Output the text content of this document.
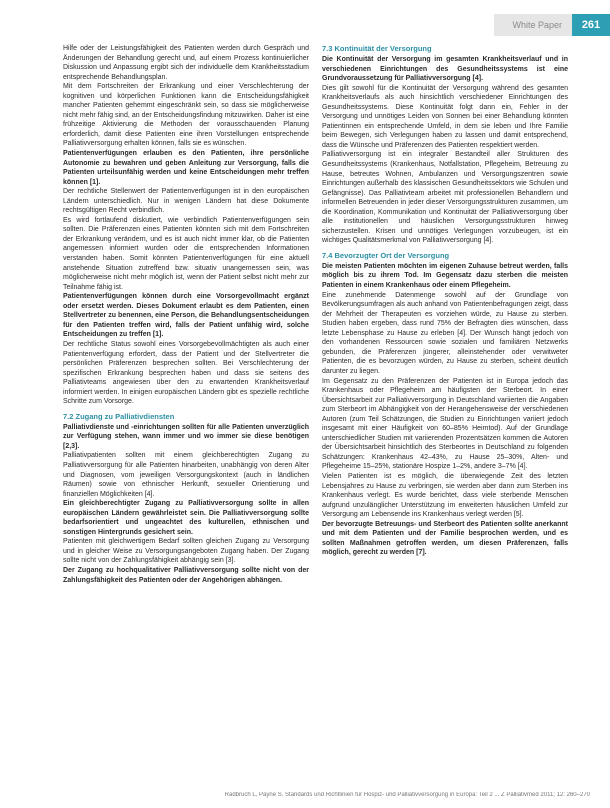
White Paper	261

Hilfe oder der Leistungsfähigkeit des Patienten werden durch Gespräch und Änderungen der Behandlung gerecht und, auf einem Prozess kontinuierlicher Diskussion und Anpassung ergibt sich der individuelle dem Krankheitsstadium entsprechende Behandlungsplan.

Mit dem Fortschreiten der Erkrankung und einer Verschlechterung der kognitiven und körperlichen Funktionen kann die Entscheidungsfähigkeit mancher Patienten gehemmt eingeschränkt sein, so dass sie möglicherweise nicht mehr fähig sind, an der Entscheidungsfindung mitzuwirken. Daher ist eine frühzeitige Aktivierung die Methoden der vorausschauenden Planung erforderlich, damit diese Patienten eine ihren Vorstellungen entsprechende Palliativversorgung erhalten können, falls sie es wünschen.

Patientenverfügungen erlauben es den Patienten, ihre persönliche Autonomie zu bewahren und geben Anleitung zur Versorgung, falls die Patienten urteilsunfähig werden und keine Entscheidungen mehr treffen können [1].

Der rechtliche Stellenwert der Patientenverfügungen ist in den europäischen Ländern unterschiedlich. Nur in wenigen Ländern hat diese Dokumente rechtsgültigen Recht verbindlich.

Es wird fortlaufend diskutiert, wie verbindlich Patientenverfügungen sein sollten. Die Präferenzen eines Patienten könnten sich mit dem Fortschreiten der Erkrankung verändern, und es ist auch nicht immer klar, ob die Patienten angemessen informiert wurden oder die entsprechenden Informationen verstanden haben. Somit könnten Patientenverfügungen für eine aktuell anstehende Situation zutreffend bzw. situativ unangemessen sein, was möglicherweise nicht mehr möglich ist, wenn der Patient selbst nicht mehr zur Teilnahme fähig ist.

Patientenverfügungen können durch eine Vorsorgevollmacht ergänzt oder ersetzt werden. Dieses Dokument erlaubt es dem Patienten, einen Stellvertreter zu benennen, eine Person, die Behandlungsentscheidungen für den Patienten treffen wird, falls der Patient unfähig wird, solche Entscheidungen zu treffen [1].

Der rechtliche Status sowohl eines Vorsorgebevollmächtigten als auch einer Patientenverfügung erfordert, dass der Patient und der Stellvertreter die persönlichen Präferenzen besprechen sollten. Bei Verschlechterung der spezifischen Erkrankung besprechen haben und dass sie seitens des Palliativteams angewiesen über den zu erwartenden Krankheitsverlauf informiert werden. In einigen europäischen Ländern gibt es spezielle rechtliche Schritte zum Vorsorge.

7.2 Zugang zu Palliativdiensten

Palliativdienste und -einrichtungen sollten für alle Patienten unverzüglich zur Verfügung stehen, wann immer und wo immer sie diese benötigen [2,3].

Palliativpatienten sollten mit einem gleichberechtigten Zugang zu Palliativversorgung für alle Patienten hinarbeiten, unabhängig von deren Alter und Diagnosen, vom jeweiligen Versorgungskontext (auch in ländlichen Räumen) sowie von ethnischer Herkunft, sexueller Orientierung und finanziellen Möglichkeiten [4].

Ein gleichberechtigter Zugang zu Palliativversorgung sollte in allen europäischen Ländern gewährleistet sein. Die Palliativversorgung sollte bedarfsorientiert und ungeachtet des kulturellen, ethnischen und sonstigen Hintergrunds gesichert sein.

Patienten mit gleichwertigem Bedarf sollten gleichen Zugang zu Versorgung und in gleicher Weise zu Versorgungsangeboten Zugang haben. Der Zugang sollte nicht von der Zahlungsfähigkeit abhängig sein [3].

Der Zugang zu hochqualitativer Palliativversorgung sollte nicht von der Zahlungsfähigkeit des Patienten oder der Angehörigen abhängen.

7.3 Kontinuität der Versorgung

Die Kontinuität der Versorgung im gesamten Krankheitsverlauf und in verschiedenen Einrichtungen des Gesundheitssystems ist eine Grundvoraussetzung für Palliativversorgung [4].

Dies gilt sowohl für die Kontinuität der Versorgung während des gesamten Krankheitsverlaufs als auch hinsichtlich verschiedener Einrichtungen des Gesundheitssystems. Diese Kontinuität folgt dann ein, Fehler in der Versorgung und unnötiges Leiden von Sonnen bei einer Behandlung könnten Patientinnen ein entsprechende Umfeld, in dem sie leben und Ihre Familie beim Bewegen, sich Verlegungen haben zu lassen und damit entsprechend, dass die Wünsche und Präferenzen des Patienten respektiert werden.

Palliativversorgung ist ein integraler Bestandteil aller Strukturen des Gesundheitssystems (Krankenhaus, Notfallstation, Pflegeheim, Betreuung zu Hause, betreutes Wohnen, Ambulanzen und Versorgungszentren sowie Einrichtungen außerhalb des klassischen Gesundheitssektors wie Schulen und Gefängnisse). Das Palliativteam arbeitet mit professionellen Behandlern und informellen Betreuenden in jeder dieser Versorgungsstrukturen zusammen, um die Koordination, Kommunikation und Kontinuität der Palliativversorgung über alle institutionellen und häuslichen Versorgungsstrukturen hinweg sicherzustellen. Krisen und unnötiges Verlegungen vorzubeugen, ist ein wichtiges Qualitätsmerkmal von Palliativversorgung [4].

7.4 Bevorzugter Ort der Versorgung

Die meisten Patienten möchten im eigenen Zuhause betreut werden, falls möglich bis zu ihrem Tod. Im Gegensatz dazu sterben die meisten Patienten in einem Krankenhaus oder einem Pflegeheim.

Eine zunehmende Datenmenge sowohl auf der Grundlage von Bevölkerungsumfragen als auch anhand von Patientenbefragungen zeigt, dass der Mehrheit der Therapeuten es vorziehen würde, zu Hause zu sterben. Studien haben ergeben, dass rund 75% der Befragten dies wünschen, dass letzte Lebensphase zu Hause zu erleben [4]. Der Wunsch hängt jedoch von den vorhandenen Ressourcen sowie sozialen und familiären Netzwerks gebunden, die Präferenzen jüngerer, alleinstehender oder verwitweter Patienten, die es bevorzugen würden, zu Hause zu sterben, scheint deutlich darunter zu liegen.

Im Gegensatz zu den Präferenzen der Patienten ist in Europa jedoch das Krankenhaus oder Pflegeheim am häufigsten der Sterbeort. In einer Übersichtsarbeit zur Palliativversorgung in Deutschland variierten die Angaben zum Sterbeort im Abhängigkeit von der Herangehensweise der verschiedenen Autoren (zum Teil Schätzungen, die Studien zu Einrichtungen variiert jedoch insgesamt mit einer Häufigkeit von 60–85% Heimtod). Auf der Grundlage unterschiedlicher Studien mit variierenden Prozentsätzen kommen die Autoren der Übersichtsarbeit hinsichtlich des Sterbeortes in Deutschland zu folgenden Schätzungen: Krankenhaus 42–43%, zu Hause 25–30%, Alten- und Pflegeheime 15–25%, stationäre Hospize 1–2%, andere 3–7% [4].

Vielen Patienten ist es möglich, die überwiegende Zeit des letzten Lebensjahres zu Hause zu verbringen, sie werden aber dann zum Sterben ins Krankenhaus verlegt. Es wurde berichtet, dass viele sterbende Menschen aufgrund unzulänglicher Unterstützung im erweiterten häuslichen Umfeld zur Versorgung am Lebensende ins Krankenhaus verlegt werden [5].

Der bevorzugte Betreuungs- und Sterbeort des Patienten sollte anerkannt und mit dem Patienten und der Familie besprochen werden, und es sollten Maßnahmen getroffen werden, um diesen Präferenzen, falls möglich, gerecht zu werden [7].

Radbruch L, Payne S. Standards und Richtlinien für Hospiz- und Palliativversorgung in Europa: Teil 2 ... Z Palliativmed 2011; 12: 260–270
